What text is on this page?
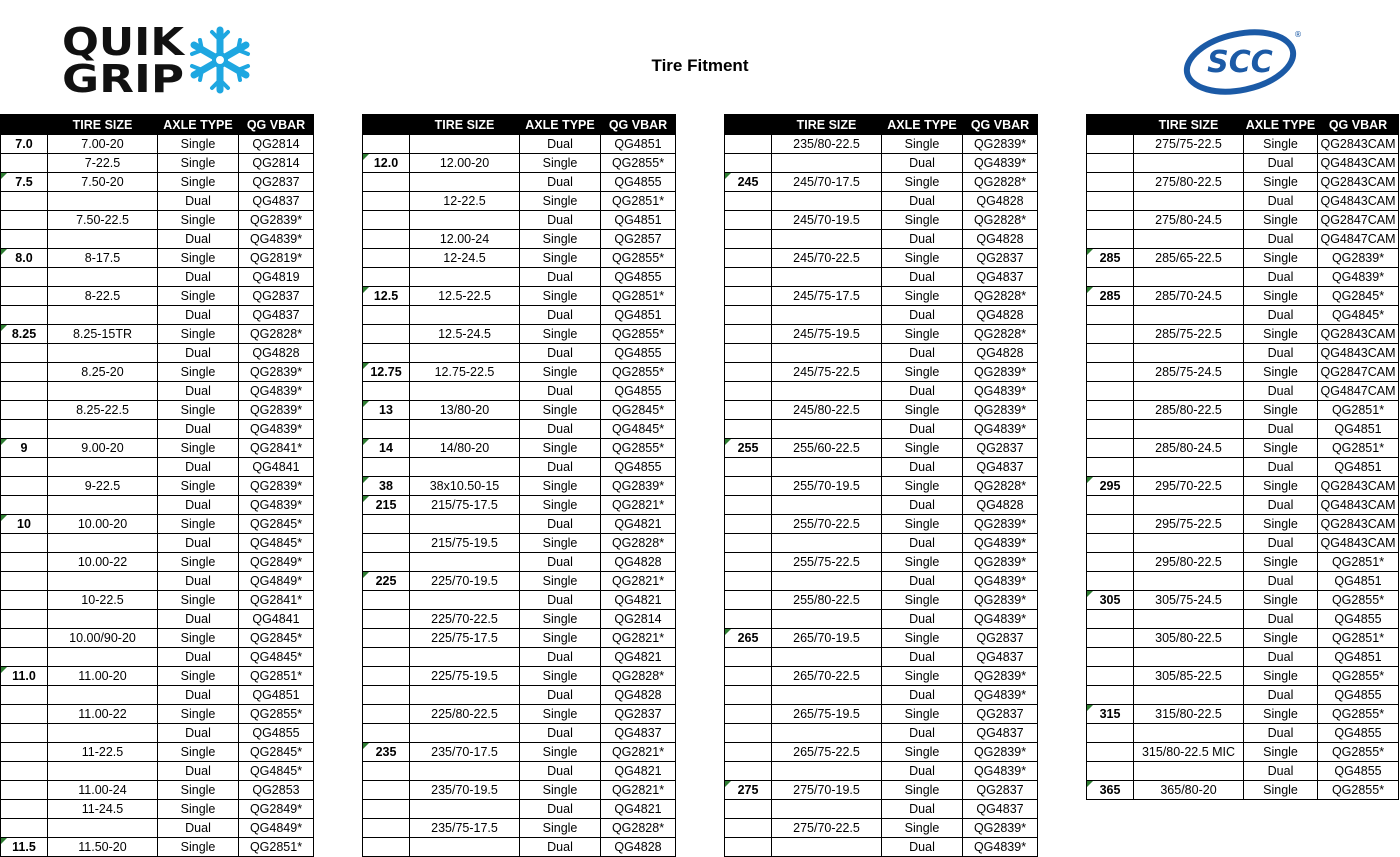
QUIK
GRIP	Tire Fitment	SCC
®
	TIRE SIZE	AXLE TYPE	QG VBAR
7.0	7.00-20	Single	QG2814
	7-22.5	Single	QG2814
7.5	7.50-20	Single	QG2837
		Dual	QG4837
	7.50-22.5	Single	QG2839*
		Dual	QG4839*
8.0	8-17.5	Single	QG2819*
		Dual	QG4819
	8-22.5	Single	QG2837
		Dual	QG4837
8.25	8.25-15TR	Single	QG2828*
		Dual	QG4828
	8.25-20	Single	QG2839*
		Dual	QG4839*
	8.25-22.5	Single	QG2839*
		Dual	QG4839*
9	9.00-20	Single	QG2841*
		Dual	QG4841
	9-22.5	Single	QG2839*
		Dual	QG4839*
10	10.00-20	Single	QG2845*
		Dual	QG4845*
	10.00-22	Single	QG2849*
		Dual	QG4849*
	10-22.5	Single	QG2841*
		Dual	QG4841
	10.00/90-20	Single	QG2845*
		Dual	QG4845*
11.0	11.00-20	Single	QG2851*
		Dual	QG4851
	11.00-22	Single	QG2855*
		Dual	QG4855
	11-22.5	Single	QG2845*
		Dual	QG4845*
	11.00-24	Single	QG2853
	11-24.5	Single	QG2849*
		Dual	QG4849*
11.5	11.50-20	Single	QG2851*
	TIRE SIZE	AXLE TYPE	QG VBAR
		Dual	QG4851
12.0	12.00-20	Single	QG2855*
		Dual	QG4855
	12-22.5	Single	QG2851*
		Dual	QG4851
	12.00-24	Single	QG2857
	12-24.5	Single	QG2855*
		Dual	QG4855
12.5	12.5-22.5	Single	QG2851*
		Dual	QG4851
	12.5-24.5	Single	QG2855*
		Dual	QG4855
12.75	12.75-22.5	Single	QG2855*
		Dual	QG4855
13	13/80-20	Single	QG2845*
		Dual	QG4845*
14	14/80-20	Single	QG2855*
		Dual	QG4855
38	38x10.50-15	Single	QG2839*
215	215/75-17.5	Single	QG2821*
		Dual	QG4821
	215/75-19.5	Single	QG2828*
		Dual	QG4828
225	225/70-19.5	Single	QG2821*
		Dual	QG4821
	225/70-22.5	Single	QG2814
	225/75-17.5	Single	QG2821*
		Dual	QG4821
	225/75-19.5	Single	QG2828*
		Dual	QG4828
	225/80-22.5	Single	QG2837
		Dual	QG4837
235	235/70-17.5	Single	QG2821*
		Dual	QG4821
	235/70-19.5	Single	QG2821*
		Dual	QG4821
	235/75-17.5	Single	QG2828*
		Dual	QG4828
	TIRE SIZE	AXLE TYPE	QG VBAR
	235/80-22.5	Single	QG2839*
		Dual	QG4839*
245	245/70-17.5	Single	QG2828*
		Dual	QG4828
	245/70-19.5	Single	QG2828*
		Dual	QG4828
	245/70-22.5	Single	QG2837
		Dual	QG4837
	245/75-17.5	Single	QG2828*
		Dual	QG4828
	245/75-19.5	Single	QG2828*
		Dual	QG4828
	245/75-22.5	Single	QG2839*
		Dual	QG4839*
	245/80-22.5	Single	QG2839*
		Dual	QG4839*
255	255/60-22.5	Single	QG2837
		Dual	QG4837
	255/70-19.5	Single	QG2828*
		Dual	QG4828
	255/70-22.5	Single	QG2839*
		Dual	QG4839*
	255/75-22.5	Single	QG2839*
		Dual	QG4839*
	255/80-22.5	Single	QG2839*
		Dual	QG4839*
265	265/70-19.5	Single	QG2837
		Dual	QG4837
	265/70-22.5	Single	QG2839*
		Dual	QG4839*
	265/75-19.5	Single	QG2837
		Dual	QG4837
	265/75-22.5	Single	QG2839*
		Dual	QG4839*
275	275/70-19.5	Single	QG2837
		Dual	QG4837
	275/70-22.5	Single	QG2839*
		Dual	QG4839*
	TIRE SIZE	AXLE TYPE	QG VBAR
	275/75-22.5	Single	QG2843CAM
		Dual	QG4843CAM
	275/80-22.5	Single	QG2843CAM
		Dual	QG4843CAM
	275/80-24.5	Single	QG2847CAM
		Dual	QG4847CAM
285	285/65-22.5	Single	QG2839*
		Dual	QG4839*
285	285/70-24.5	Single	QG2845*
		Dual	QG4845*
	285/75-22.5	Single	QG2843CAM
		Dual	QG4843CAM
	285/75-24.5	Single	QG2847CAM
		Dual	QG4847CAM
	285/80-22.5	Single	QG2851*
		Dual	QG4851
	285/80-24.5	Single	QG2851*
		Dual	QG4851
295	295/70-22.5	Single	QG2843CAM
		Dual	QG4843CAM
	295/75-22.5	Single	QG2843CAM
		Dual	QG4843CAM
	295/80-22.5	Single	QG2851*
		Dual	QG4851
305	305/75-24.5	Single	QG2855*
		Dual	QG4855
	305/80-22.5	Single	QG2851*
		Dual	QG4851
	305/85-22.5	Single	QG2855*
		Dual	QG4855
315	315/80-22.5	Single	QG2855*
		Dual	QG4855
	315/80-22.5 MIC	Single	QG2855*
		Dual	QG4855
365	365/80-20	Single	QG2855*
